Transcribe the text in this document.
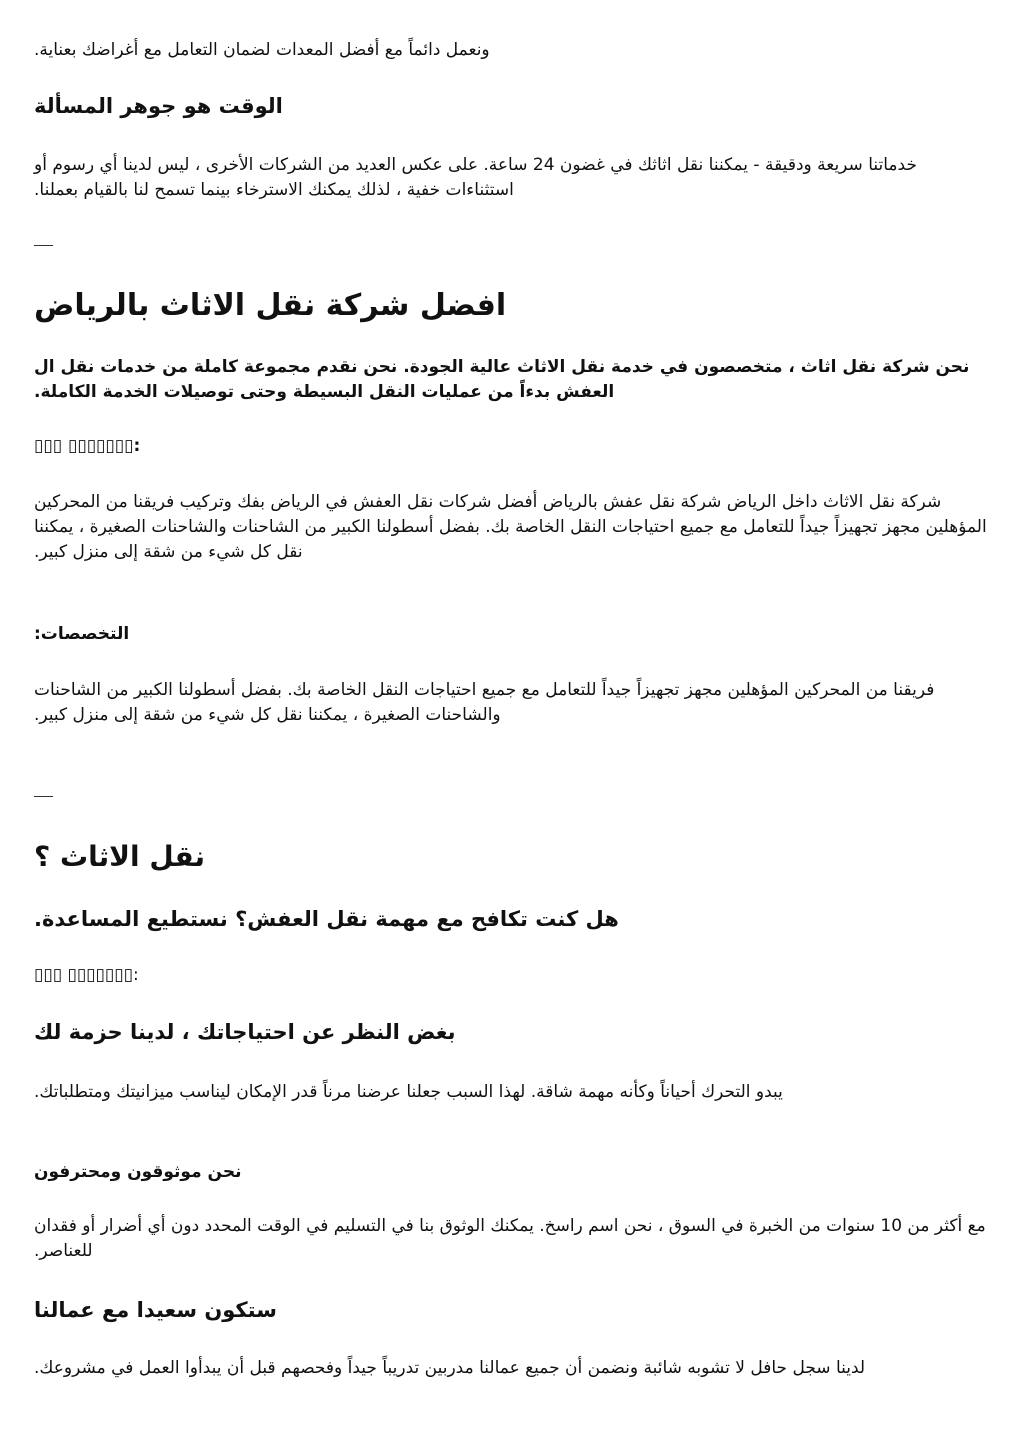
ونعمل دائماً مع أفضل المعدات لضمان التعامل مع أغراضك بعناية.

الوقت هو جوهر المسألة

خدماتنا سريعة ودقيقة - يمكننا نقل اثاثك في غضون 24 ساعة. على عكس العديد من الشركات الأخرى ، ليس لدينا أي رسوم أو استثناءات خفية ، لذلك يمكنك الاسترخاء بينما تسمح لنا بالقيام بعملنا.

افضل شركة نقل الاثاث بالرياض
نحن شركة نقل اثاث ، متخصصون في خدمة نقل الاثاث عالية الجودة. نحن نقدم مجموعة كاملة من خدمات نقل ال العفش بدءاً من عمليات النقل البسيطة وحتى توصيلات الخدمة الكاملة.

▯▯▯ ▯▯▯▯▯▯▯:

شركة نقل الاثاث داخل الرياض شركة نقل عفش بالرياض أفضل شركات نقل العفش في الرياض بفك وتركيب فريقنا من المحركين المؤهلين مجهز تجهيزاً جيداً للتعامل مع جميع احتياجات النقل الخاصة بك. بفضل أسطولنا الكبير من الشاحنات والشاحنات الصغيرة ، يمكننا نقل كل شيء من شقة إلى منزل كبير.

التخصصات:

فريقنا من المحركين المؤهلين مجهز تجهيزاً جيداً للتعامل مع جميع احتياجات النقل الخاصة بك. بفضل أسطولنا الكبير من الشاحنات والشاحنات الصغيرة ، يمكننا نقل كل شيء من شقة إلى منزل كبير.

نقل الاثاث ؟
هل كنت تكافح مع مهمة نقل العفش؟ نستطيع المساعدة.

▯▯▯ ▯▯▯▯▯▯▯:

بغض النظر عن احتياجاتك ، لدينا حزمة لك

يبدو التحرك أحياناً وكأنه مهمة شاقة. لهذا السبب جعلنا عرضنا مرناً قدر الإمكان ليناسب ميزانيتك ومتطلباتك.

نحن موثوقون ومحترفون

مع أكثر من 10 سنوات من الخبرة في السوق ، نحن اسم راسخ. يمكنك الوثوق بنا في التسليم في الوقت المحدد دون أي أضرار أو فقدان للعناصر.

ستكون سعيدا مع عمالنا

لدينا سجل حافل لا تشوبه شائبة ونضمن أن جميع عمالنا مدربين تدريباً جيداً وفحصهم قبل أن يبدأوا العمل في مشروعك.
